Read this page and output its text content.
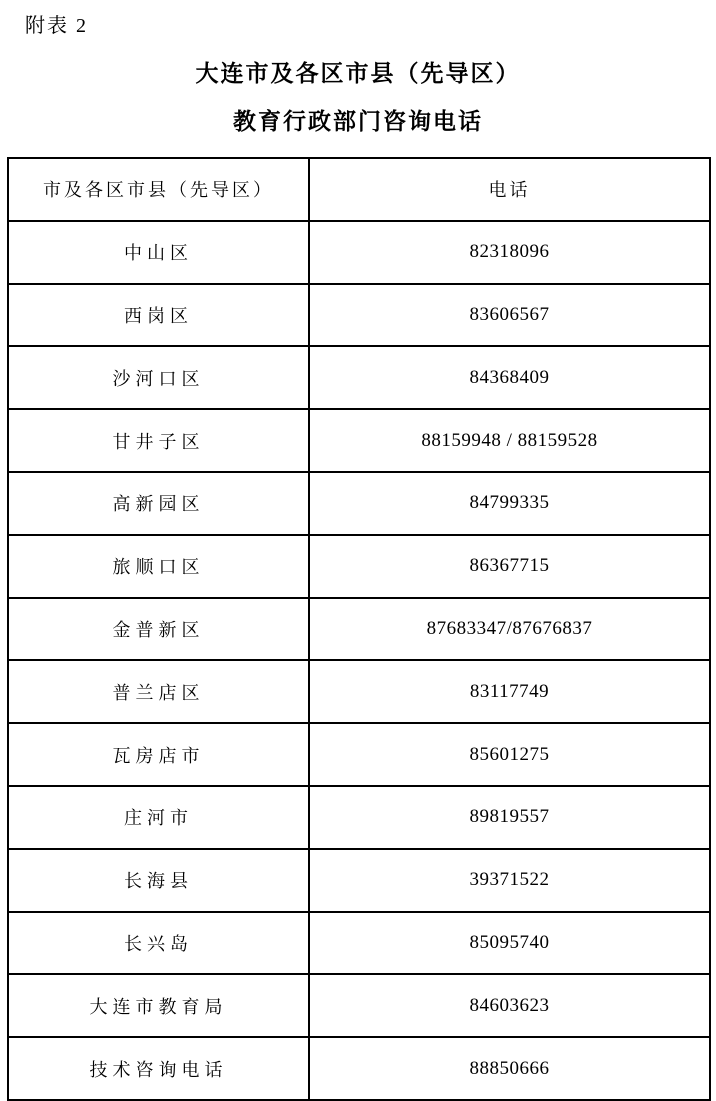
附表 2
大连市及各区市县（先导区）
教育行政部门咨询电话
市及各区市县（先导区）	电话
中山区	82318096
西岗区	83606567
沙河口区	84368409
甘井子区	88159948 / 88159528
高新园区	84799335
旅顺口区	86367715
金普新区	87683347/87676837
普兰店区	83117749
瓦房店市	85601275
庄河市	89819557
长海县	39371522
长兴岛	85095740
大连市教育局	84603623
技术咨询电话	88850666
